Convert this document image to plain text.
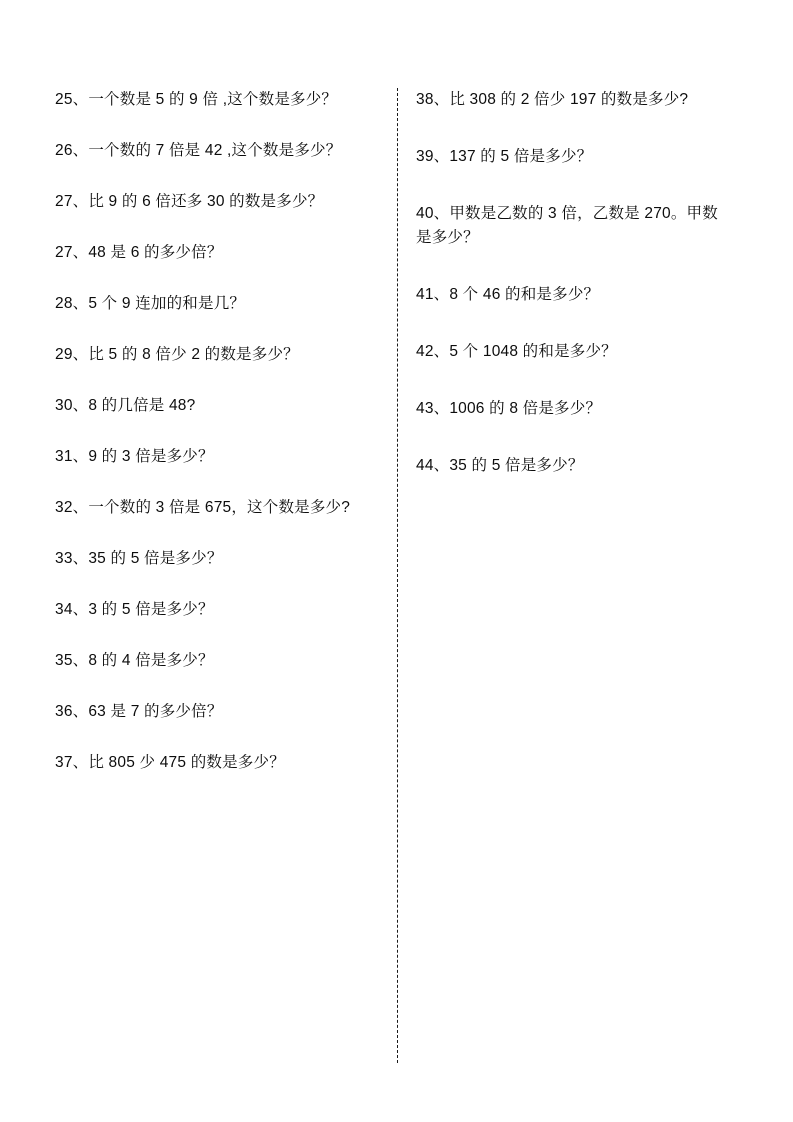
25、一个数是 5 的 9 倍 ,这个数是多少？

26、一个数的 7 倍是 42 ,这个数是多少？

27、比 9 的 6 倍还多 30 的数是多少？

27、48 是 6 的多少倍？

28、5 个 9 连加的和是几？

29、比 5 的 8 倍少 2 的数是多少？

30、8 的几倍是 48?

31、9 的 3 倍是多少？

32、一个数的 3 倍是 675，这个数是多少?

33、35 的 5 倍是多少？

34、3 的 5 倍是多少？

35、8 的 4 倍是多少？

36、63 是 7 的多少倍？

37、比 805 少 475 的数是多少？

38、比 308 的 2 倍少 197 的数是多少?

39、137 的 5 倍是多少？

40、甲数是乙数的 3 倍，乙数是 270。甲数是多少？

41、8 个 46 的和是多少？

42、5 个 1048 的和是多少？

43、1006 的 8 倍是多少？

44、35 的 5 倍是多少？
